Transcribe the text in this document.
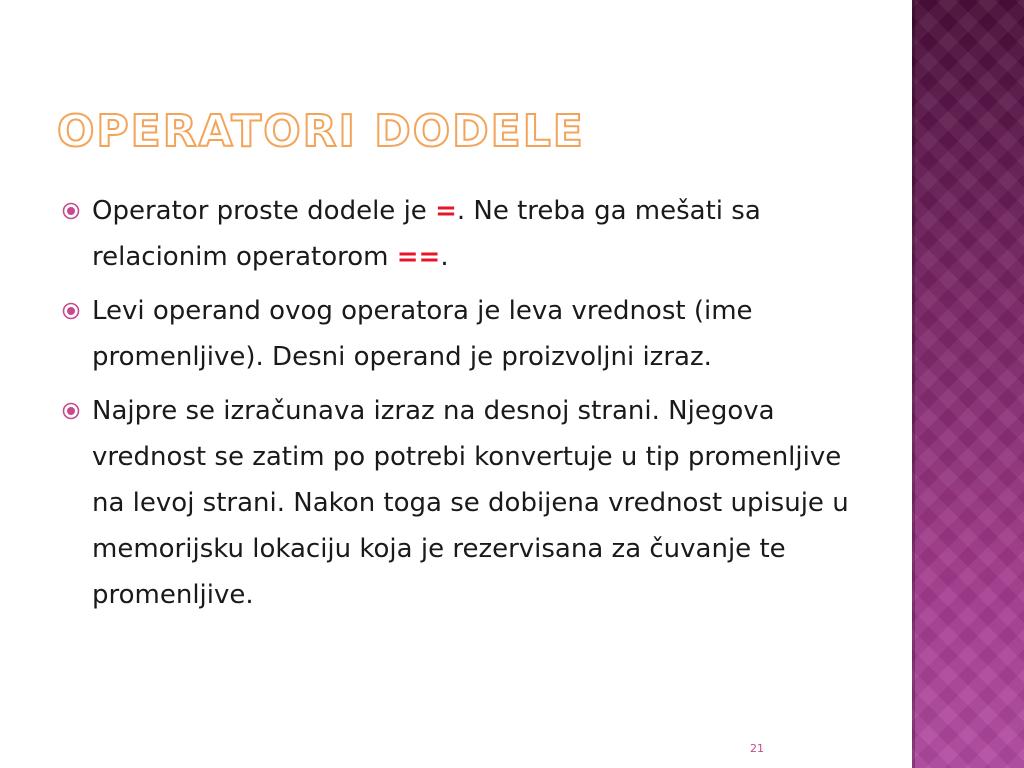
OPERATORI DODELE
Operator proste dodele je =. Ne treba ga mešati sa relacionim operatorom ==.
Levi operand ovog operatora je leva vrednost (ime promenljive). Desni operand je proizvoljni izraz.
Najpre se izračunava izraz na desnoj strani. Njegova vrednost se zatim po potrebi konvertuje u tip promenljive na levoj strani. Nakon toga se dobijena vrednost upisuje u memorijsku lokaciju koja je rezervisana za čuvanje te promenljive.
21
